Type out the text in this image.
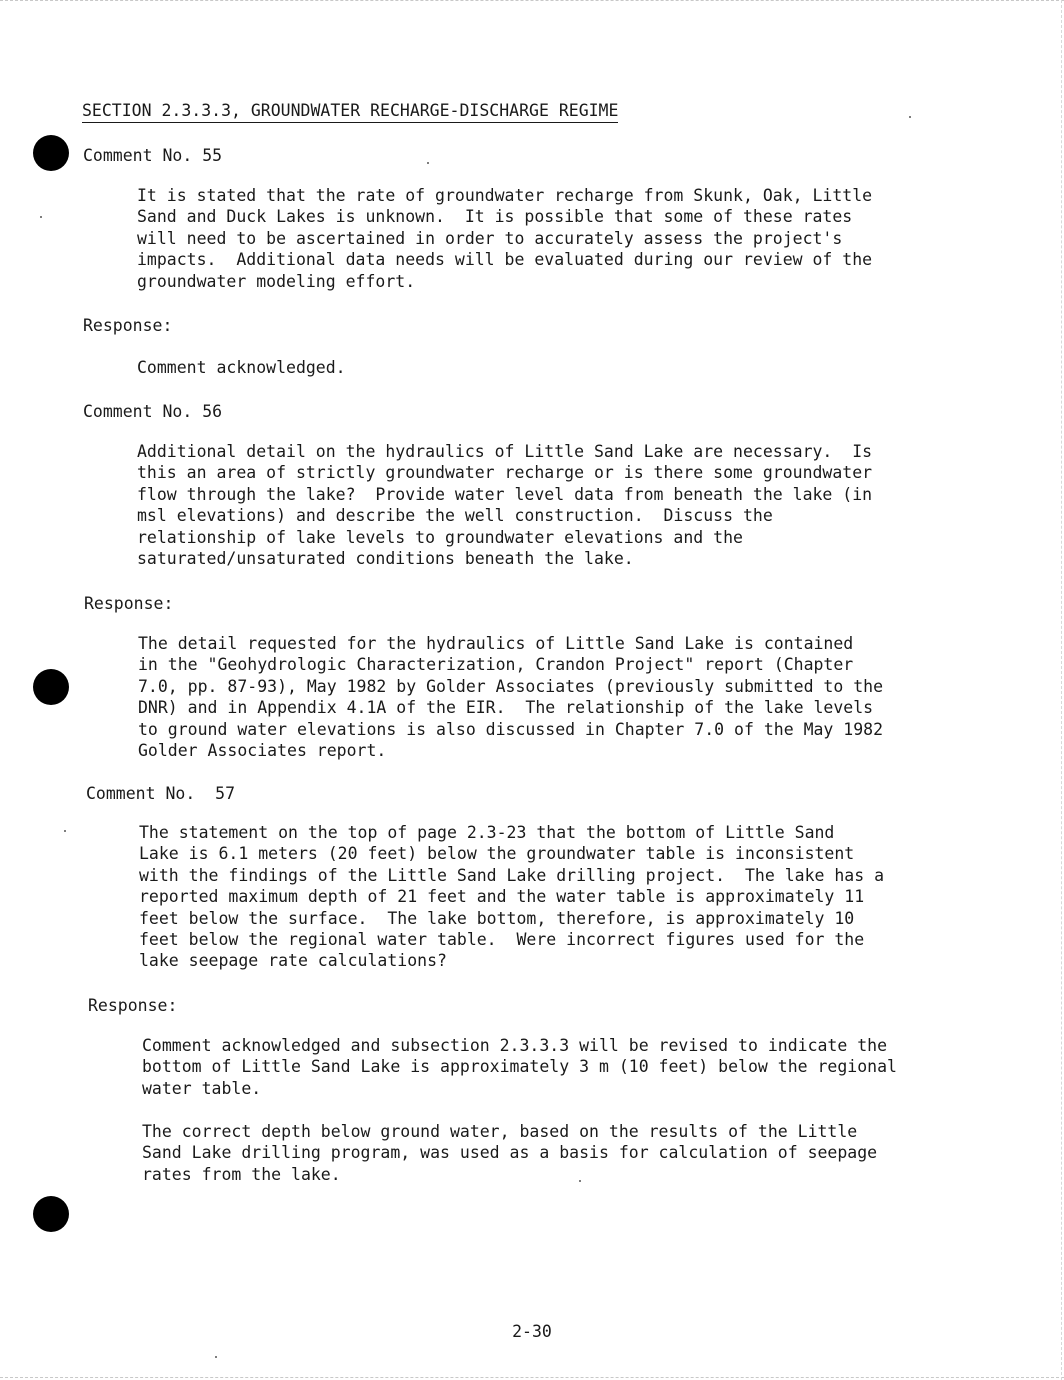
SECTION 2.3.3.3, GROUNDWATER RECHARGE-DISCHARGE REGIME
Comment No. 55
It is stated that the rate of groundwater recharge from Skunk, Oak, Little
Sand and Duck Lakes is unknown.  It is possible that some of these rates
will need to be ascertained in order to accurately assess the project's
impacts.  Additional data needs will be evaluated during our review of the
groundwater modeling effort.
Response:
Comment acknowledged.
Comment No. 56
Additional detail on the hydraulics of Little Sand Lake are necessary.  Is
this an area of strictly groundwater recharge or is there some groundwater
flow through the lake?  Provide water level data from beneath the lake (in
msl elevations) and describe the well construction.  Discuss the
relationship of lake levels to groundwater elevations and the
saturated/unsaturated conditions beneath the lake.
Response:
The detail requested for the hydraulics of Little Sand Lake is contained
in the "Geohydrologic Characterization, Crandon Project" report (Chapter
7.0, pp. 87-93), May 1982 by Golder Associates (previously submitted to the
DNR) and in Appendix 4.1A of the EIR.  The relationship of the lake levels
to ground water elevations is also discussed in Chapter 7.0 of the May 1982
Golder Associates report.
Comment No.  57
The statement on the top of page 2.3-23 that the bottom of Little Sand
Lake is 6.1 meters (20 feet) below the groundwater table is inconsistent
with the findings of the Little Sand Lake drilling project.  The lake has a
reported maximum depth of 21 feet and the water table is approximately 11
feet below the surface.  The lake bottom, therefore, is approximately 10
feet below the regional water table.  Were incorrect figures used for the
lake seepage rate calculations?
Response:
Comment acknowledged and subsection 2.3.3.3 will be revised to indicate the
bottom of Little Sand Lake is approximately 3 m (10 feet) below the regional
water table.
The correct depth below ground water, based on the results of the Little
Sand Lake drilling program, was used as a basis for calculation of seepage
rates from the lake.
2-30
